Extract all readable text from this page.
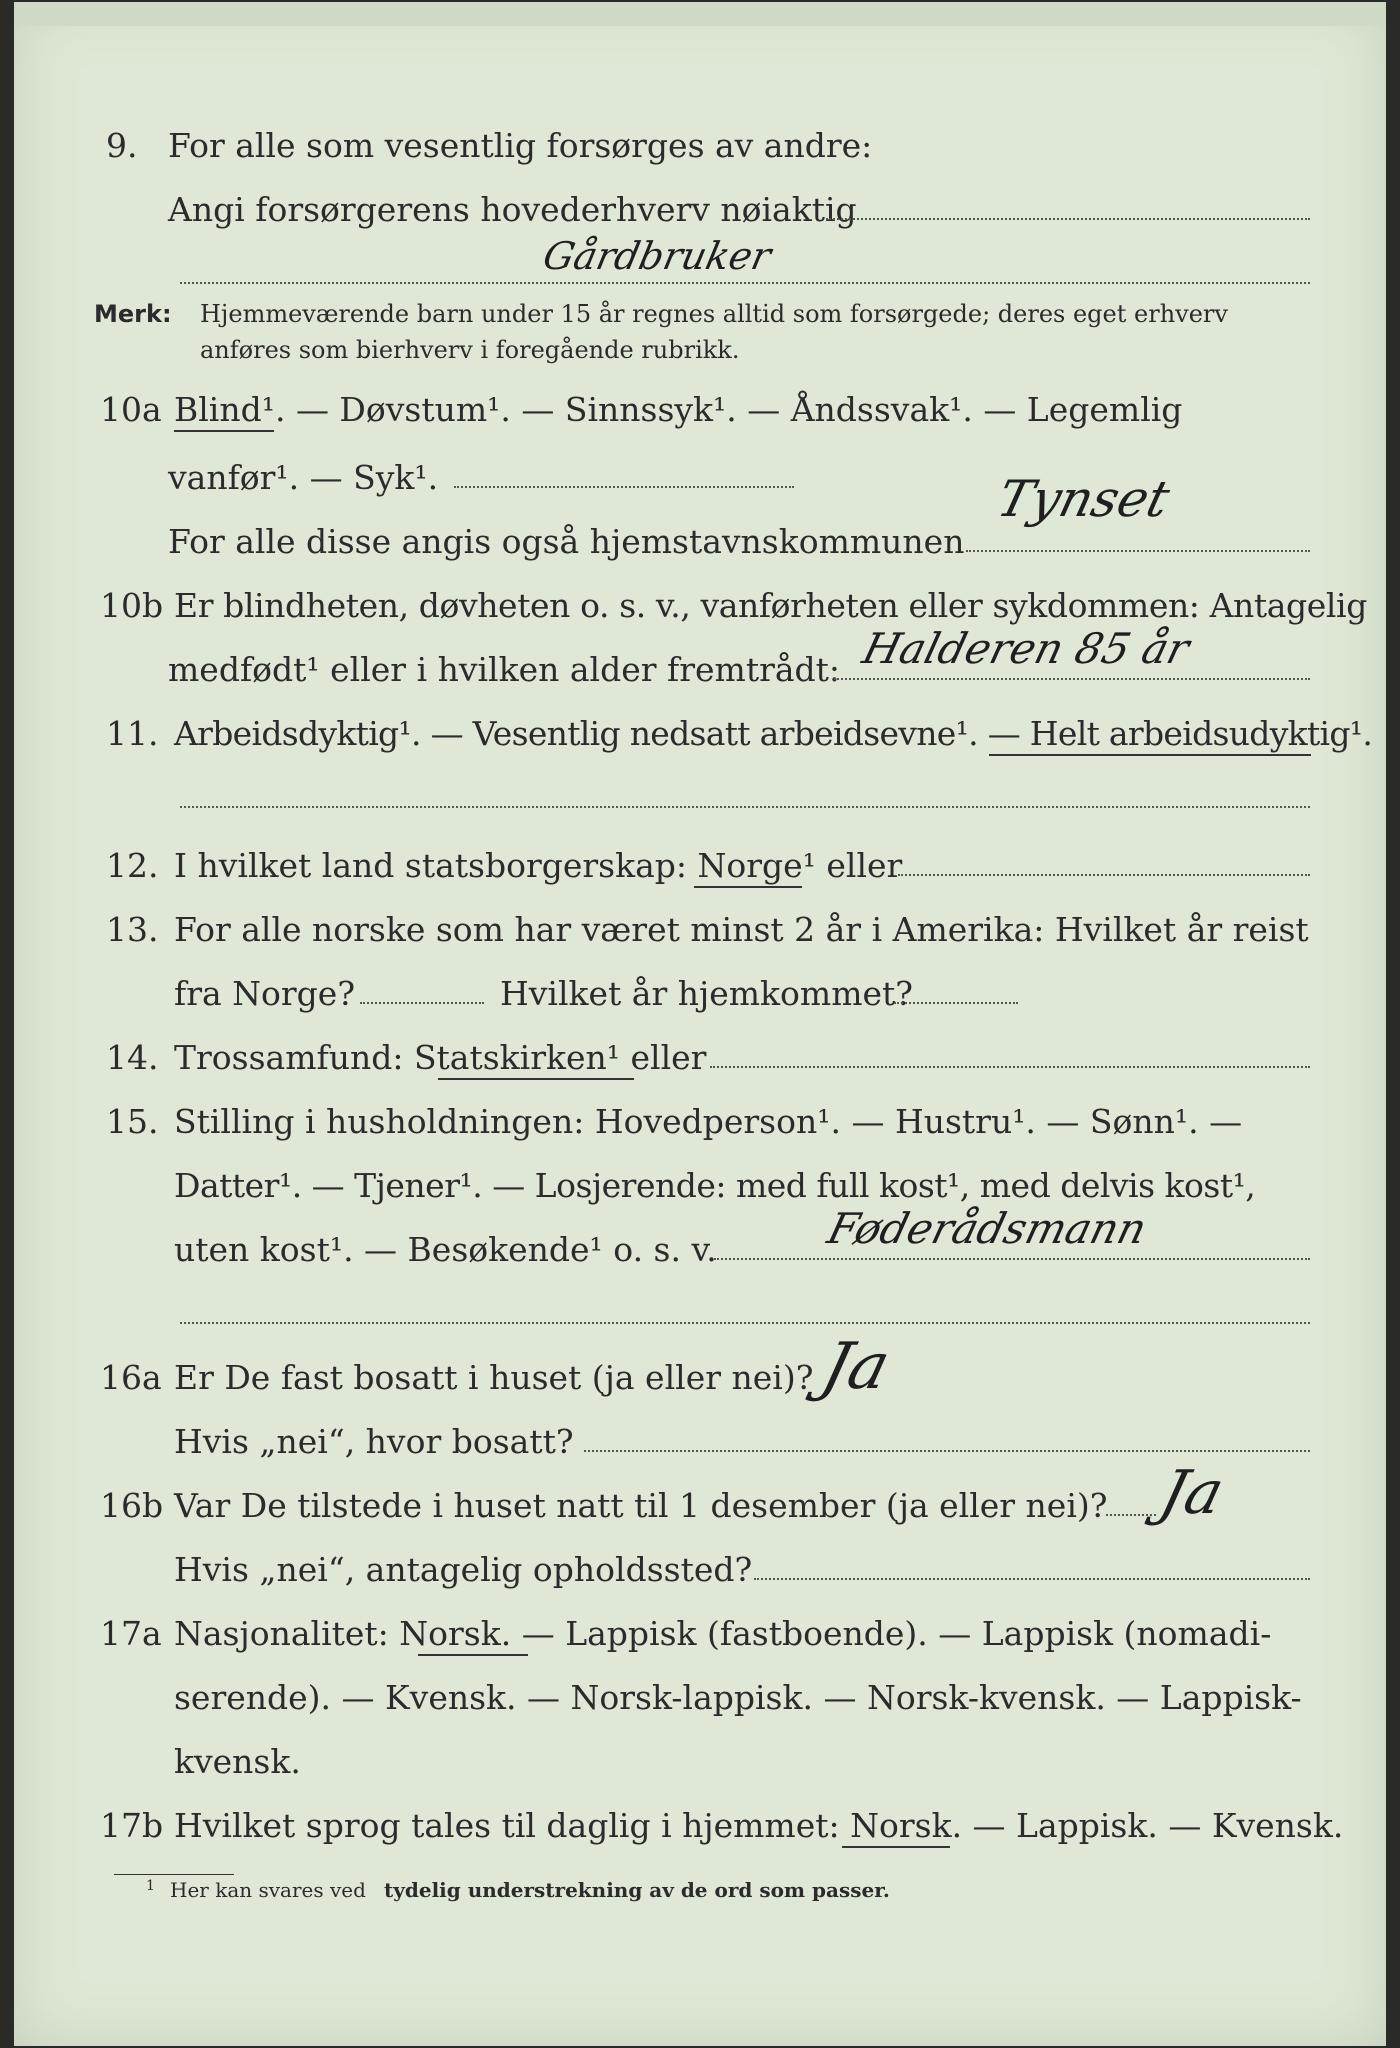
9. For alle som vesentlig forsørges av andre:
Angi forsørgerens hovederhverv nøiaktig
Gårdbruker
Merk: Hjemmeværende barn under 15 år regnes alltid som forsørgede; deres eget erhverv
anføres som bierhverv i foregående rubrikk.
10a Blind¹. — Døvstum¹. — Sinnssyk¹. — Åndssvak¹. — Legemlig
vanfør¹. — Syk¹.
For alle disse angis også hjemstavnskommunen
Tynset
10b Er blindheten, døvheten o. s. v., vanførheten eller sykdommen: Antagelig
medfødt¹ eller i hvilken alder fremtrådt: Halderen 85 år
11. Arbeidsdyktig¹. — Vesentlig nedsatt arbeidsevne¹. — Helt arbeidsudyktig¹.
12. I hvilket land statsborgerskap: Norge¹ eller
13. For alle norske som har været minst 2 år i Amerika: Hvilket år reist
fra Norge?	Hvilket år hjemkommet?
14. Trossamfund: Statskirken¹ eller
15. Stilling i husholdningen: Hovedperson¹. — Hustru¹. — Sønn¹. —
Datter¹. — Tjener¹. — Losjerende: med full kost¹, med delvis kost¹,
uten kost¹. — Besøkende¹ o. s. v.	Føderådsmann
16a Er De fast bosatt i huset (ja eller nei)? Ja
Hvis „nei“, hvor bosatt?
16b Var De tilstede i huset natt til 1 desember (ja eller nei)? Ja
Hvis „nei“, antagelig opholdssted?
17a Nasjonalitet: Norsk. — Lappisk (fastboende). — Lappisk (nomadi-
serende). — Kvensk. — Norsk-lappisk. — Norsk-kvensk. — Lappisk-
kvensk.
17b Hvilket sprog tales til daglig i hjemmet: Norsk. — Lappisk. — Kvensk.
1 Her kan svares ved tydelig understrekning av de ord som passer.
